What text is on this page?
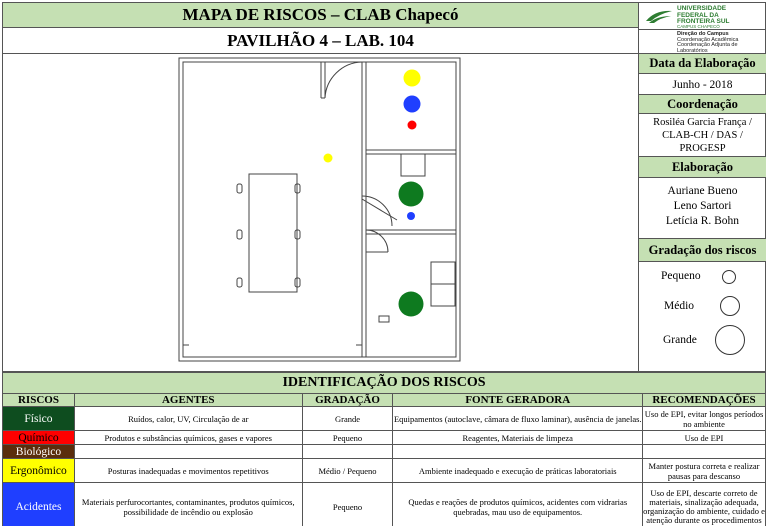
MAPA DE RISCOS – CLAB Chapecó
PAVILHÃO 4 – LAB. 104
UNIVERSIDADE
FEDERAL DA
FRONTEIRA SUL
CAMPUS CHAPECÓ
Direção do Campus
Coordenação Acadêmica
Coordenação Adjunta de
Laboratórios
Data da Elaboração
Junho - 2018
Coordenação
Rosiléa Garcia França /
CLAB-CH / DAS /
PROGESP
Elaboração
Auriane Bueno
Leno Sartori
Letícia R. Bohn
Gradação dos riscos
Pequeno
Médio
Grande
IDENTIFICAÇÃO DOS RISCOS				
RISCOS	AGENTES	GRADAÇÃO	FONTE GERADORA	RECOMENDAÇÕES
Físico	Ruídos, calor, UV, Circulação de ar	Grande	Equipamentos (autoclave, câmara de fluxo laminar), ausência de janelas.	Uso de EPI, evitar longos períodos no ambiente
Químico	Produtos e substâncias químicos, gases e vapores	Pequeno	Reagentes, Materiais de limpeza	Uso de EPI
Biológico				
Ergonômico	Posturas inadequadas e movimentos repetitivos	Médio / Pequeno	Ambiente inadequado e execução de práticas laboratoriais	Manter postura correta e realizar pausas para descanso
Acidentes	Materiais perfurocortantes, contaminantes, produtos químicos, possibilidade de incêndio ou explosão	Pequeno	Quedas e reações de produtos químicos, acidentes com vidrarias quebradas, mau uso de equipamentos.	Uso de EPI, descarte correto de materiais, sinalização adequada, organização do ambiente, cuidado e atenção durante os procedimentos
